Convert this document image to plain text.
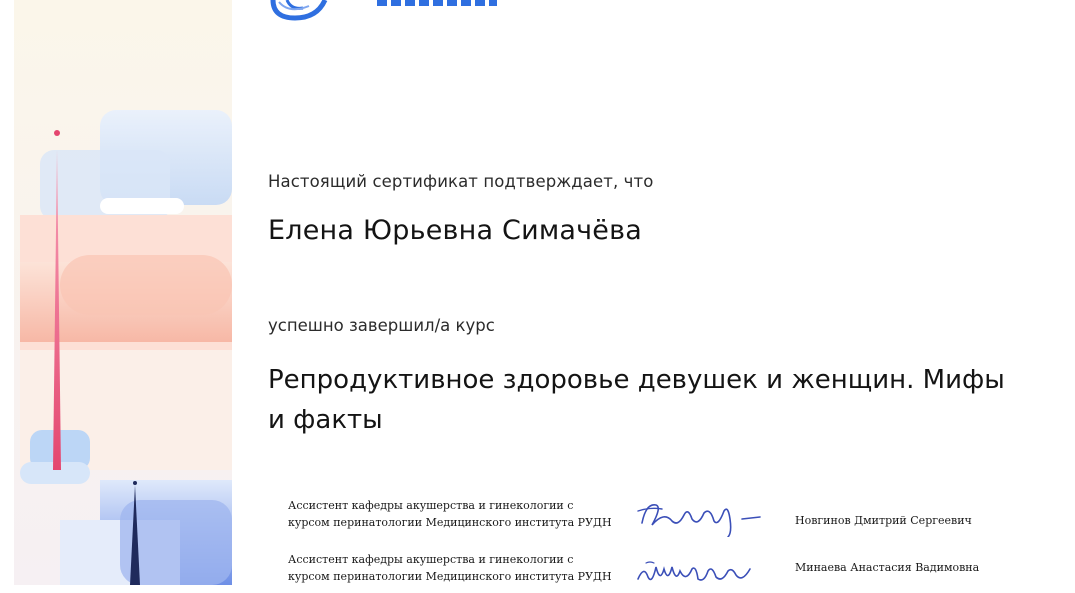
Настоящий сертификат подтверждает, что
Елена Юрьевна Симачёва
успешно завершил/а курс
Репродуктивное здоровье девушек и женщин. Мифы
и факты
Ассистент кафедры акушерства и гинекологии с
курсом перинатологии Медицинского института РУДН	Новгинов Дмитрий Сергеевич
Ассистент кафедры акушерства и гинекологии с
курсом перинатологии Медицинского института РУДН
Минаева Анастасия Вадимовна
